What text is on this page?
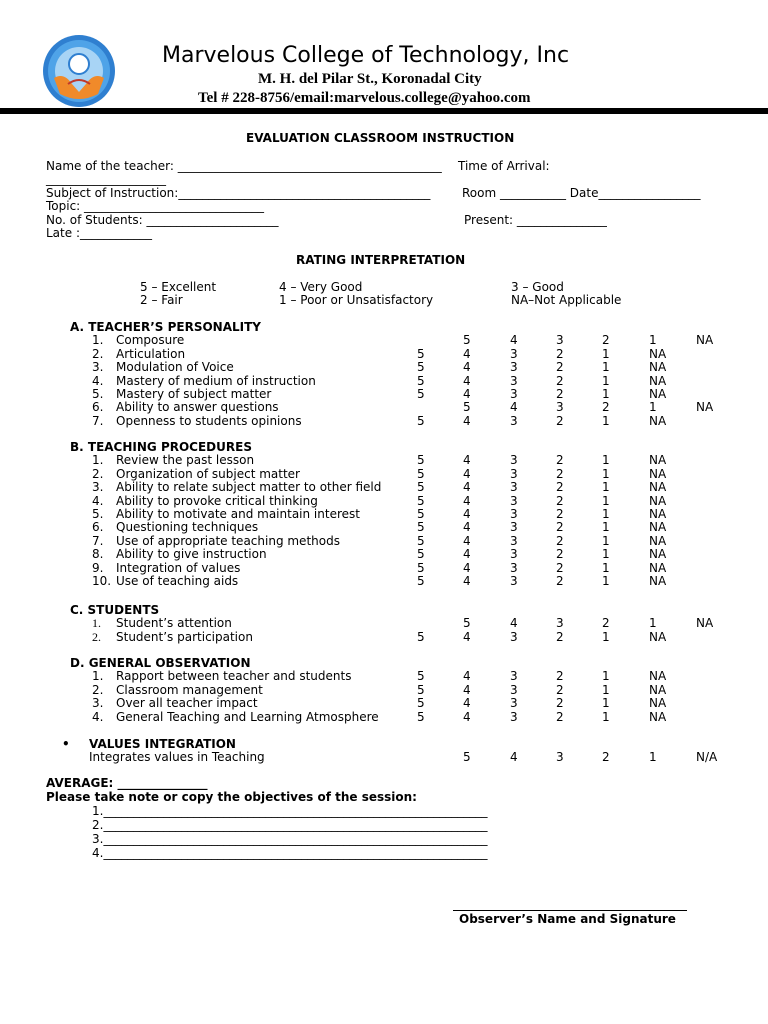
Marvelous College of Technology, Inc
M. H. del Pilar St., Koronadal City
Tel # 228-8756/email:marvelous.college@yahoo.com
EVALUATION CLASSROOM INSTRUCTION
Name of the teacher: ____________________________________________ Time of Arrival:
____________________
Subject of Instruction:__________________________________________	Room ___________ Date_________________
Topic: ______________________________
No. of Students: ______________________	Present: _______________
Late :____________
RATING INTERPRETATION
5 – Excellent
2 – Fair
4 – Very Good
1 – Poor or Unsatisfactory
3 – Good
NA–Not Applicable
A. TEACHER’S PERSONALITY
1.	Composure	5	4	3	2	1	NA
2.	Articulation	5	4	3	2	1	NA
3.	Modulation of Voice	5	4	3	2	1	NA
4.	Mastery of medium of instruction	5	4	3	2	1	NA
5.	Mastery of subject matter	5	4	3	2	1	NA
6.	Ability to answer questions	5	4	3	2	1	NA
7.	Openness to students opinions	5	4	3	2	1	NA
B. TEACHING PROCEDURES
1.	Review the past lesson	5	4	3	2	1	NA
2.	Organization of subject matter	5	4	3	2	1	NA
3.	Ability to relate subject matter to other field	5	4	3	2	1	NA
4.	Ability to provoke critical thinking	5	4	3	2	1	NA
5.	Ability to motivate and maintain interest	5	4	3	2	1	NA
6.	Questioning techniques	5	4	3	2	1	NA
7.	Use of appropriate teaching methods	5	4	3	2	1	NA
8.	Ability to give instruction	5	4	3	2	1	NA
9.	Integration of values	5	4	3	2	1	NA
10. Use of teaching aids	5	4	3	2	1	NA
C. STUDENTS
1.	Student’s attention	5	4	3	2	1	NA
2.	Student’s participation	5	4	3	2	1	NA
D. GENERAL OBSERVATION
1.	Rapport between teacher and students	5	4	3	2	1	NA
2.	Classroom management	5	4	3	2	1	NA
3.	Over all teacher impact	5	4	3	2	1	NA
4.	General Teaching and Learning Atmosphere	5	4	3	2	1	NA
• VALUES INTEGRATION
Integrates values in Teaching	5	4	3	2	1	N/A
AVERAGE: _______________
Please take note or copy the objectives of the session:
1.________________________________________________________________
2.________________________________________________________________
3.________________________________________________________________
4.________________________________________________________________
Observer’s Name and Signature
